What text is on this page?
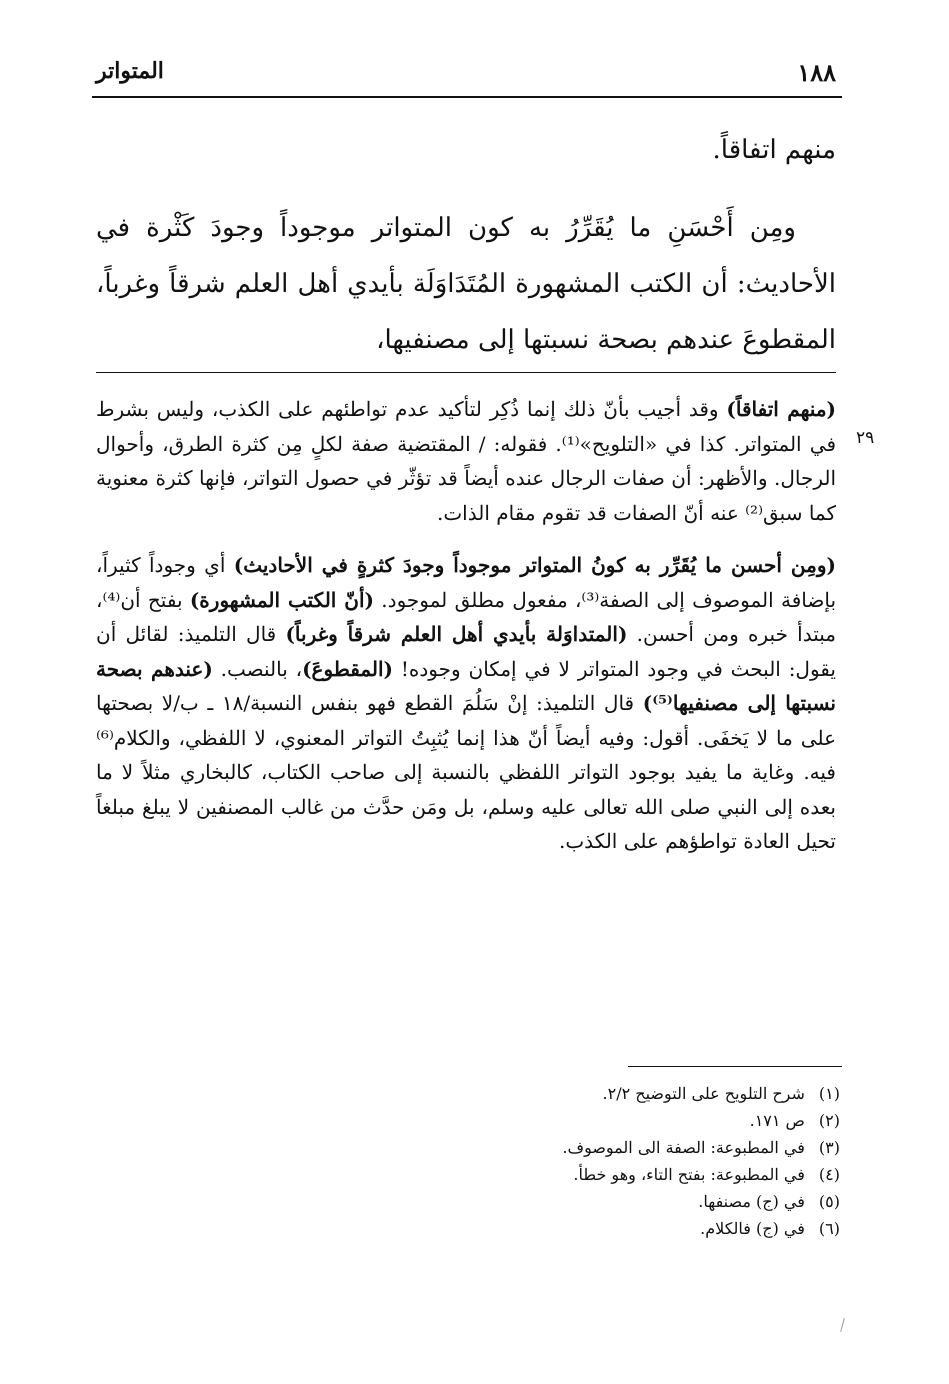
١٨٨
المتواتر

منهم اتفاقاً.

ومِن أَحْسَنِ ما يُقَرِّرُ به كون المتواتر موجوداً وجودَ كَثْرة في الأحاديث: أن الكتب المشهورة المُتَدَاوَلَة بأيدي أهل العلم شرقاً وغرباً، المقطوعَ عندهم بصحة نسبتها إلى مصنفيها،

(منهم اتفاقاً) وقد أجيب بأنّ ذلك إنما ذُكِر لتأكيد عدم تواطئهم على الكذب، وليس بشرط في المتواتر. كذا في «التلويح»⁽¹⁾. فقوله: / المقتضية صفة لكلٍ مِن كثرة الطرق، وأحوال الرجال. والأظهر: أن صفات الرجال عنده أيضاً قد تؤثّر في حصول التواتر، فإنها كثرة معنوية كما سبق⁽²⁾ عنه أنّ الصفات قد تقوم مقام الذات.

(ومِن أحسن ما يُقَرِّر به كونُ المتواتر موجوداً وجودَ كثرةٍ في الأحاديث) أي وجوداً كثيراً، بإضافة الموصوف إلى الصفة⁽³⁾، مفعول مطلق لموجود. (أنّ الكتب المشهورة) بفتح أن⁽⁴⁾، مبتدأ خبره ومن أحسن. (المتداوَلة بأيدي أهل العلم شرقاً وغرباً) قال التلميذ: لقائل أن يقول: البحث في وجود المتواتر لا في إمكان وجوده! (المقطوعَ)، بالنصب. (عندهم بصحة نسبتها إلى مصنفيها⁽⁵⁾) قال التلميذ: إنْ سَلُمَ القطع فهو بنفس النسبة/١٨ ـ ب/لا بصحتها على ما لا يَخفَى. أقول: وفيه أيضاً أنّ هذا إنما يُثبِتُ التواتر المعنوي، لا اللفظي، والكلام⁽⁶⁾ فيه. وغاية ما يفيد بوجود التواتر اللفظي بالنسبة إلى صاحب الكتاب، كالبخاري مثلاً لا ما بعده إلى النبي صلى الله تعالى عليه وسلم، بل ومَن حدَّث من غالب المصنفين لا يبلغ مبلغاً تحيل العادة تواطؤهم على الكذب.

٢٩

(١) شرح التلويح على التوضيح ٢/٢.

(٢) ص ١٧١.

(٣) في المطبوعة: الصفة الى الموصوف.

(٤) في المطبوعة: بفتح التاء، وهو خطأ.

(٥) في (ج) مصنفها.

(٦) في (ج) فالكلام.
